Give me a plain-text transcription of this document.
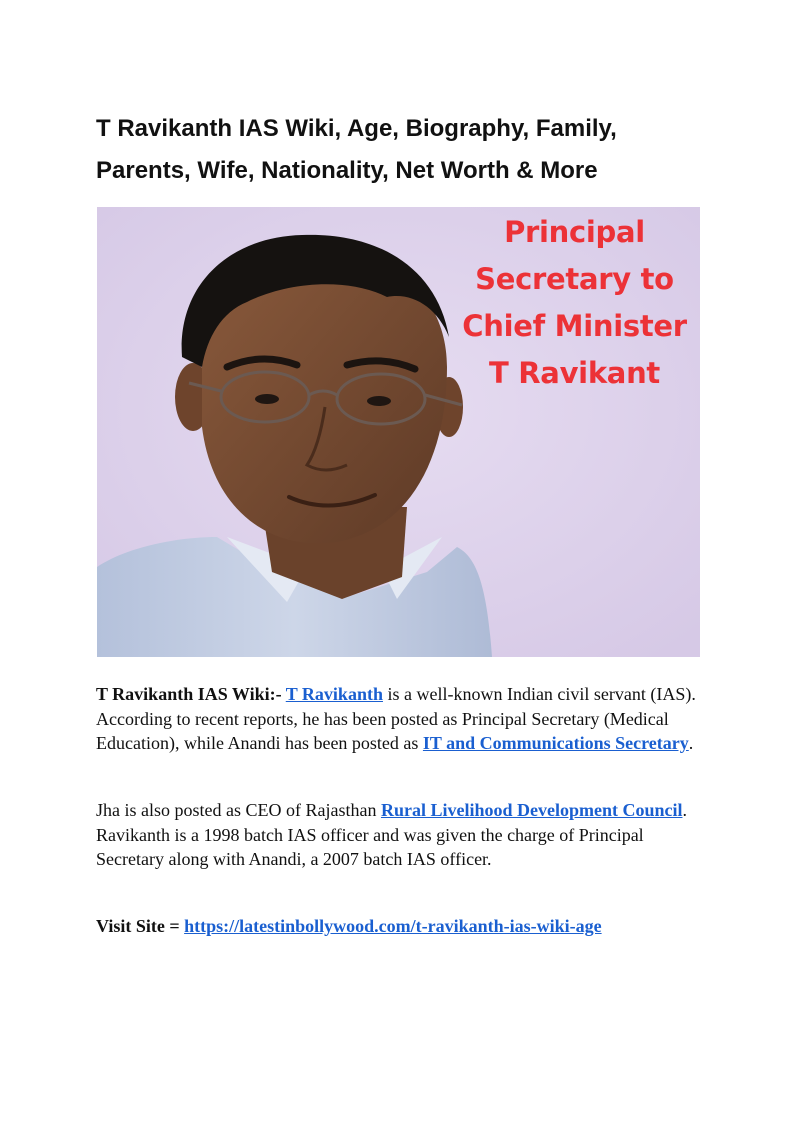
T Ravikanth IAS Wiki, Age, Biography, Family, Parents, Wife, Nationality, Net Worth & More
Principal
Secretary to
Chief Minister
T Ravikant

T Ravikanth IAS Wiki:- T Ravikanth is a well-known Indian civil servant (IAS). According to recent reports, he has been posted as Principal Secretary (Medical Education), while Anandi has been posted as IT and Communications Secretary.

Jha is also posted as CEO of Rajasthan Rural Livelihood Development Council. Ravikanth is a 1998 batch IAS officer and was given the charge of Principal Secretary along with Anandi, a 2007 batch IAS officer.

Visit Site = https://latestinbollywood.com/t-ravikanth-ias-wiki-age
